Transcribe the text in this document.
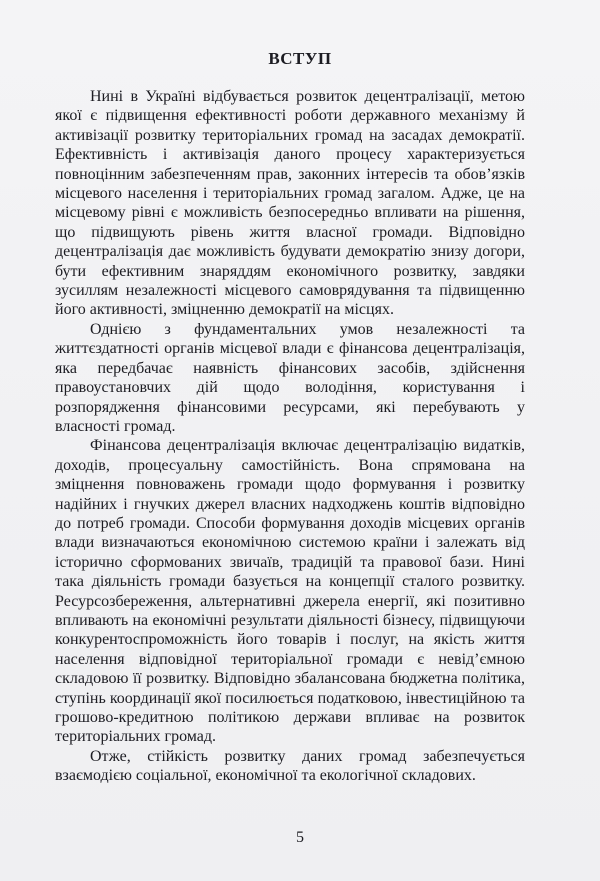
ВСТУП

Нині в Україні відбувається розвиток децентралізації, метою якої є підвищення ефективності роботи державного механізму й активізації розвитку територіальних громад на засадах демократії. Ефективність і активізація даного процесу характеризується повноцінним забезпеченням прав, законних інтересів та обов’язків місцевого населення і територіальних громад загалом. Адже, це на місцевому рівні є можливість безпосередньо впливати на рішення, що підвищують рівень життя власної громади. Відповідно децентралізація дає можливість будувати демократію знизу догори, бути ефективним знаряддям економічного розвитку, завдяки зусиллям незалежності місцевого самоврядування та підвищенню його активності, зміцненню демократії на місцях.

Однією з фундаментальних умов незалежності та життєздатності органів місцевої влади є фінансова децентралізація, яка передбачає наявність фінансових засобів, здійснення правоустановчих дій щодо володіння, користування і розпорядження фінансовими ресурсами, які перебувають у власності громад.

Фінансова децентралізація включає децентралізацію видатків, доходів, процесуальну самостійність. Вона спрямована на зміцнення повноважень громади щодо формування і розвитку надійних і гнучких джерел власних надходжень коштів відповідно до потреб громади. Способи формування доходів місцевих органів влади визначаються економічною системою країни і залежать від історично сформованих звичаїв, традицій та правової бази. Нині така діяльність громади базується на концепції сталого розвитку. Ресурсозбереження, альтернативні джерела енергії, які позитивно впливають на економічні результати діяльності бізнесу, підвищуючи конкурентоспроможність його товарів і послуг, на якість життя населення відповідної територіальної громади є невід’ємною складовою її розвитку. Відповідно збалансована бюджетна політика, ступінь координації якої посилюється податковою, інвестиційною та грошово-кредитною політикою держави впливає на розвиток територіальних громад.

Отже, стійкість розвитку даних громад забезпечується взаємодією соціальної, економічної та екологічної складових.

5
